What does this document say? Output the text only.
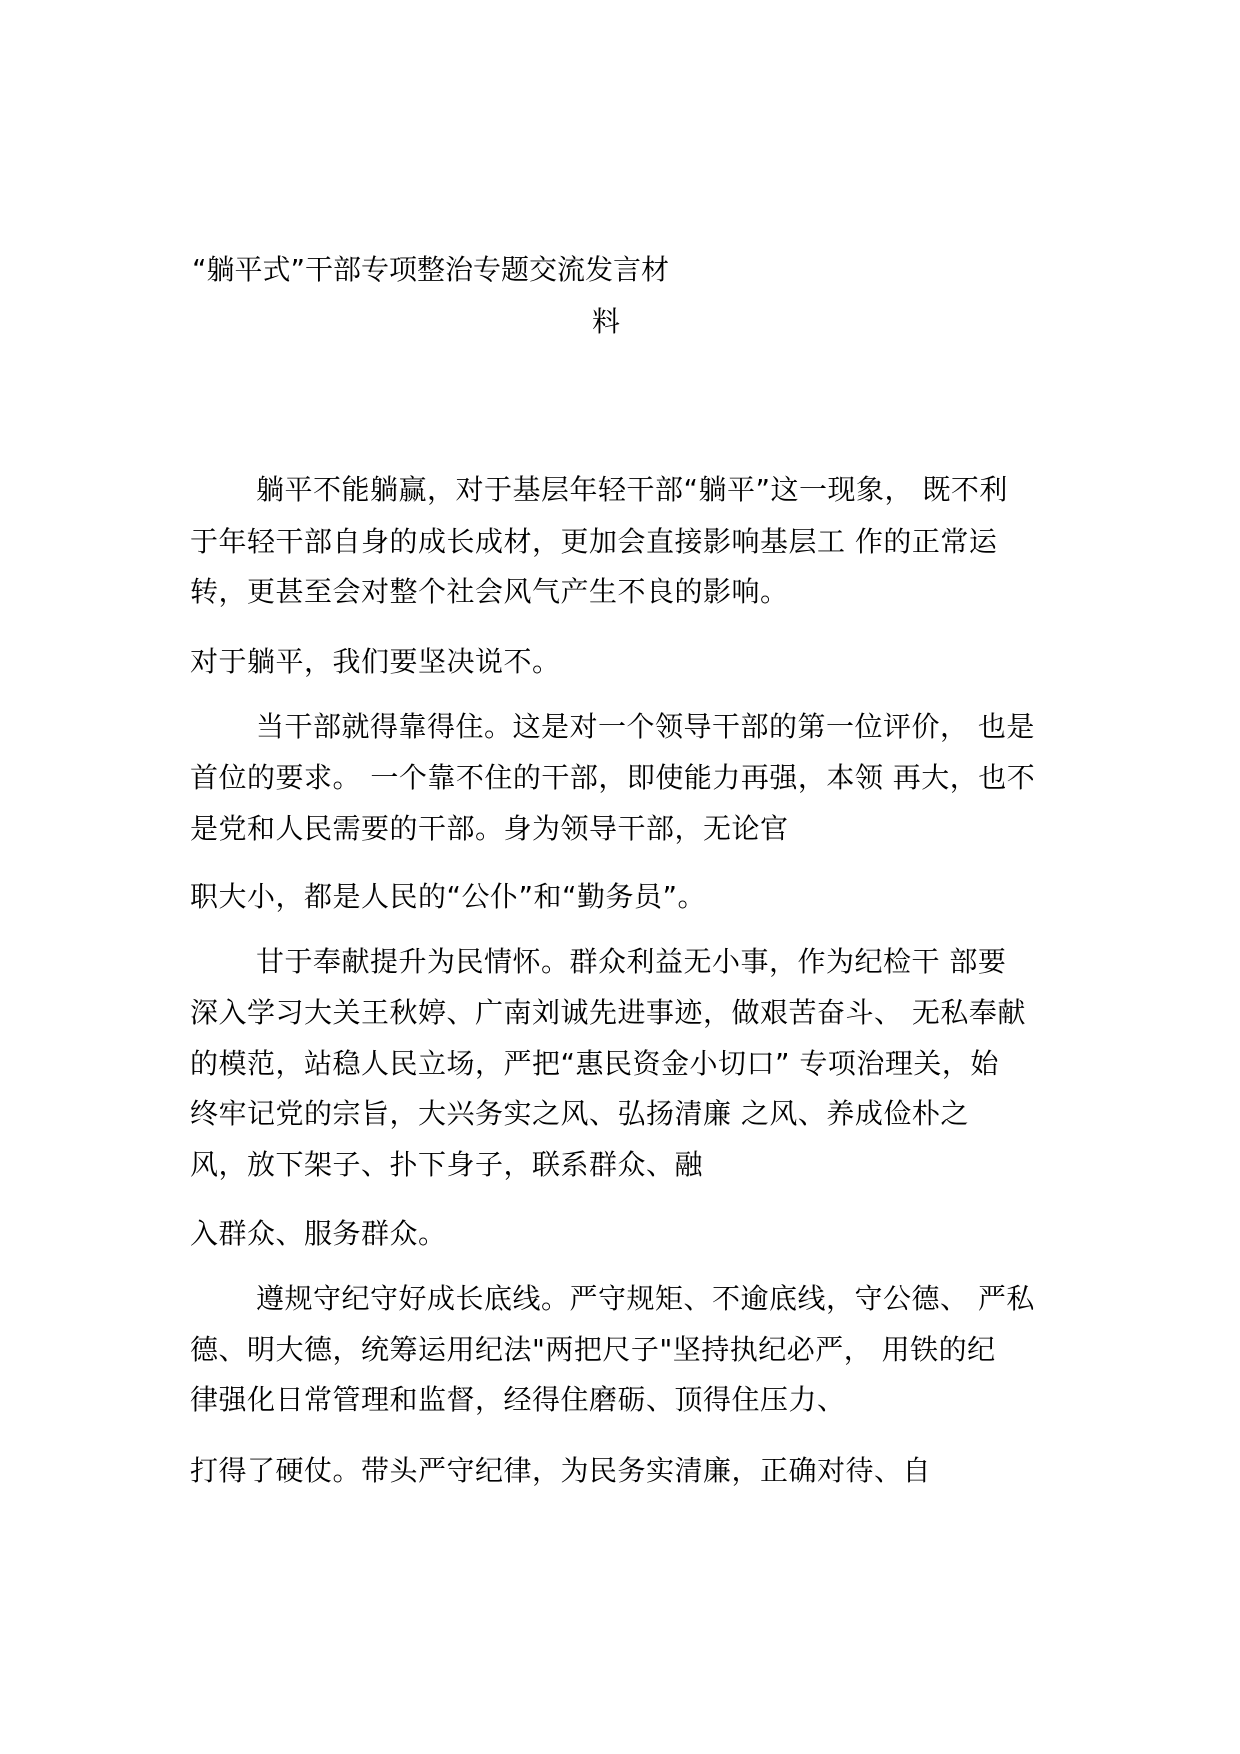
“躺平式”干部专项整治专题交流发言材
料
躺平不能躺赢，对于基层年轻干部“躺平”这一现象， 既不利
于年轻干部自身的成长成材，更加会直接影响基层工 作的正常运
转，更甚至会对整个社会风气产生不良的影响。
对于躺平，我们要坚决说不。
当干部就得靠得住。这是对一个领导干部的第一位评价， 也是
首位的要求。 一个靠不住的干部，即使能力再强，本领 再大，也不
是党和人民需要的干部。身为领导干部，无论官
职大小，都是人民的“公仆”和“勤务员”。
甘于奉献提升为民情怀。群众利益无小事，作为纪检干 部要
深入学习大关王秋婷、广南刘诚先进事迹，做艰苦奋斗、 无私奉献
的模范，站稳人民立场，严把“惠民资金小切口” 专项治理关，始
终牢记党的宗旨，大兴务实之风、弘扬清廉 之风、养成俭朴之
风，放下架子、扑下身子，联系群众、融
入群众、服务群众。
遵规守纪守好成长底线。严守规矩、不逾底线，守公德、 严私
德、明大德，统筹运用纪法"两把尺子"坚持执纪必严， 用铁的纪
律强化日常管理和监督，经得住磨砺、顶得住压力、
打得了硬仗。带头严守纪律，为民务实清廉，正确对待、自
